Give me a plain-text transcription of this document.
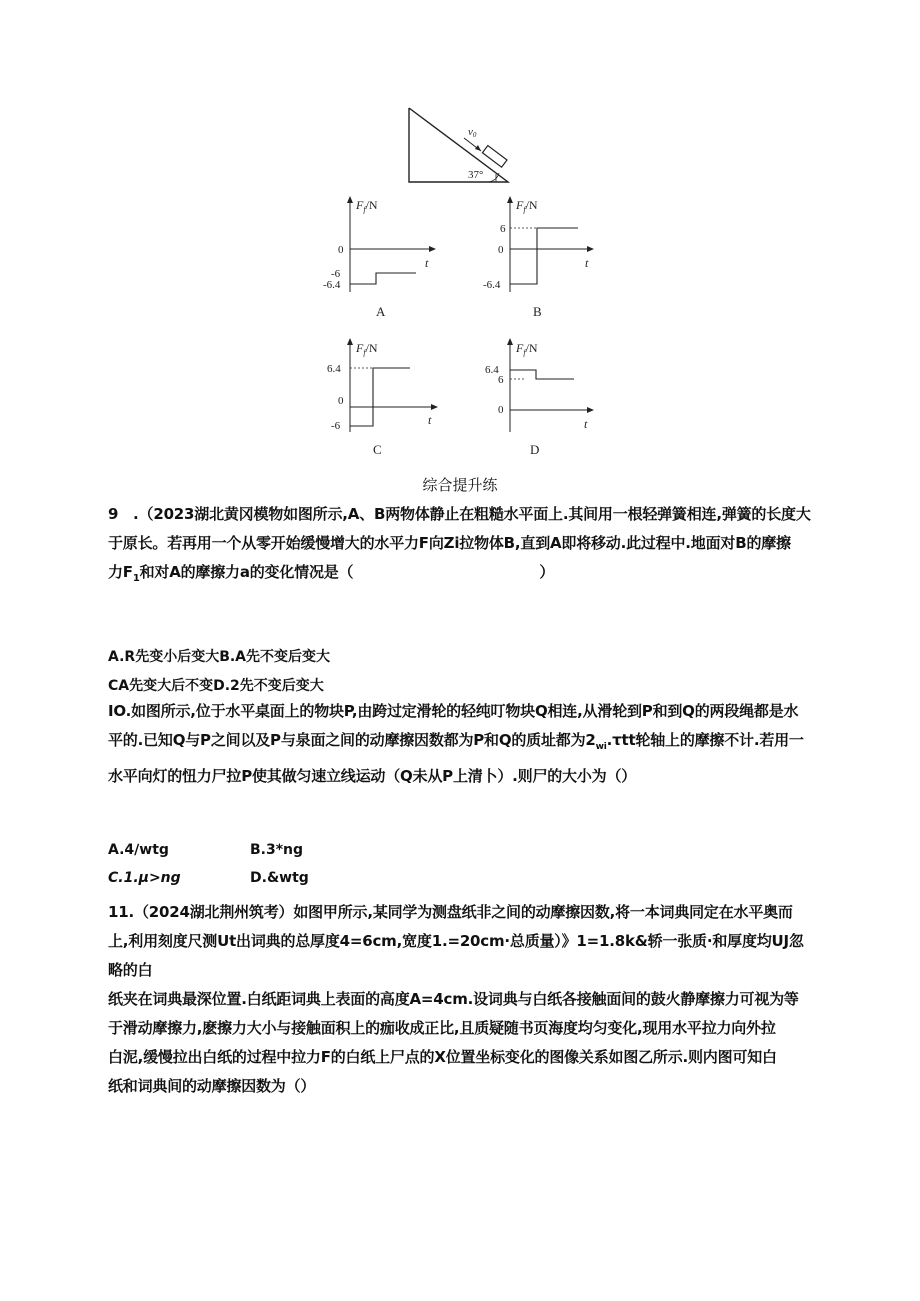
v0
37°
$F_f/N$
t
0
-6
-6.4
A
$F_f/N$
t
6
0
-6.4
B
$F_f/N$
t
6.4
0
-6
C
$F_f/N$
t
6.4
6
0
D
综合提升练

9　.（2023湖北黄冈模物如图所示,A、B两物体静止在粗糙水平面上.其间用一根轻弹簧相连,弹簧的长度大

于原长。若再用一个从零开始缓慢增大的水平力F向Zi拉物体B,直到A即将移动.此过程中.地面对B的摩擦

力$F_1$和对A的摩擦力a的变化情况是（	）

A.R先变小后变大B.A先不变后变大
CA先变大后不变D.2先不变后变大

IO.如图所示,位于水平桌面上的物块P,由跨过定滑轮的轻纯叮物块Q相连,从滑轮到P和到Q的两段绳都是水

平的.已知Q与P之间以及P与泉面之间的动摩擦因数都为P和Q的质址都为$2_{wi}.\tau tt$轮轴上的摩擦不计.若用一

水平向灯的忸力尸拉P使其做匀速立线运动（Q未从P上清卜）.则尸的大小为（）

A.4∕wtg	B.3*ng
C.1.μ>ng	D.&wtg

11.（2024湖北荆州筑考）如图甲所示,某同学为测盘纸非之间的动摩擦因数,将一本词典同定在水平奥而

上,利用刻度尺测Ut出词典的总厚度4=6cm,宽度1.=20cm·总质量）》1=1.8k&轿一张质·和厚度均UJ忽略的白

纸夹在词典最深位置.白纸距词典上表面的高度A=4cm.设词典与白纸各接触面间的鼓火静摩擦力可视为等

于滑动摩擦力,麽擦力大小与接触面积上的痂收成正比,且质疑随书页海度均匀变化,现用水平拉力向外拉

白泥,缓慢拉出白纸的过程中拉力F的白纸上尸点的X位置坐标变化的图像关系如图乙所示.则内图可知白

纸和词典间的动摩擦因数为（）
